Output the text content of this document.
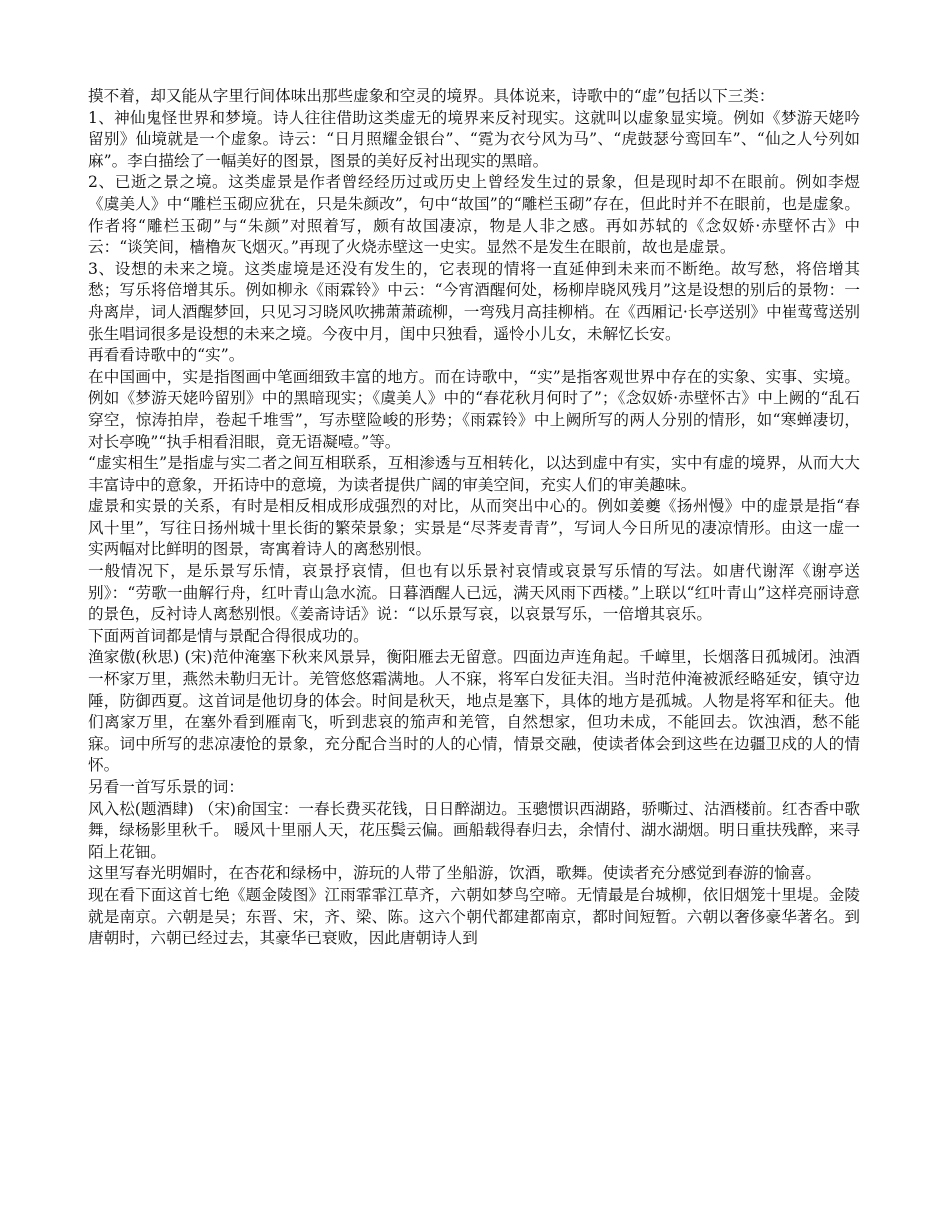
摸不着，却又能从字里行间体味出那些虚象和空灵的境界。具体说来，诗歌中的“虚”包括以下三类：

1、神仙鬼怪世界和梦境。诗人往往借助这类虚无的境界来反衬现实。这就叫以虚象显实境。例如《梦游天姥吟留别》仙境就是一个虚象。诗云：“日月照耀金银台”、“霓为衣兮风为马”、“虎鼓瑟兮鸾回车”、“仙之人兮列如麻”。李白描绘了一幅美好的图景，图景的美好反衬出现实的黑暗。

2、已逝之景之境。这类虚景是作者曾经经历过或历史上曾经发生过的景象，但是现时却不在眼前。例如李煜《虞美人》中“雕栏玉砌应犹在，只是朱颜改”，句中“故国”的“雕栏玉砌”存在，但此时并不在眼前，也是虚象。作者将“雕栏玉砌”与“朱颜”对照着写，颇有故国凄凉，物是人非之感。再如苏轼的《念奴娇·赤壁怀古》中云：“谈笑间，樯橹灰飞烟灭。”再现了火烧赤壁这一史实。显然不是发生在眼前，故也是虚景。

3、设想的未来之境。这类虚境是还没有发生的，它表现的情将一直延伸到未来而不断绝。故写愁，将倍增其愁；写乐将倍增其乐。例如柳永《雨霖铃》中云：“今宵酒醒何处，杨柳岸晓风残月”这是设想的别后的景物：一舟离岸，词人酒醒梦回，只见习习晓风吹拂萧萧疏柳，一弯残月高挂柳梢。在《西厢记·长亭送别》中崔莺莺送别张生唱词很多是设想的未来之境。今夜中月，闺中只独看，遥怜小儿女，未解忆长安。

再看看诗歌中的“实”。

在中国画中，实是指图画中笔画细致丰富的地方。而在诗歌中，“实”是指客观世界中存在的实象、实事、实境。例如《梦游天姥吟留别》中的黑暗现实；《虞美人》中的“春花秋月何时了”；《念奴娇·赤壁怀古》中上阙的“乱石穿空，惊涛拍岸，卷起千堆雪”，写赤壁险峻的形势；《雨霖铃》中上阙所写的两人分别的情形，如“寒蝉凄切，对长亭晚”“执手相看泪眼，竟无语凝噎。”等。

“虚实相生”是指虚与实二者之间互相联系，互相渗透与互相转化，以达到虚中有实，实中有虚的境界，从而大大丰富诗中的意象，开拓诗中的意境，为读者提供广阔的审美空间，充实人们的审美趣味。

虚景和实景的关系，有时是相反相成形成强烈的对比，从而突出中心的。例如姜夔《扬州慢》中的虚景是指“春风十里”，写往日扬州城十里长街的繁荣景象；实景是“尽荠麦青青”，写词人今日所见的凄凉情形。由这一虚一实两幅对比鲜明的图景，寄寓着诗人的离愁别恨。

一般情况下，是乐景写乐情，哀景抒哀情，但也有以乐景衬哀情或哀景写乐情的写法。如唐代谢浑《谢亭送别》：“劳歌一曲解行舟，红叶青山急水流。日暮酒醒人已远，满天风雨下西楼。”上联以“红叶青山”这样亮丽诗意的景色，反衬诗人离愁别恨。《姜斋诗话》说：“以乐景写哀，以哀景写乐，一倍增其哀乐。

下面两首词都是情与景配合得很成功的。

渔家傲(秋思) (宋)范仲淹塞下秋来风景异，衡阳雁去无留意。四面边声连角起。千嶂里，长烟落日孤城闭。浊酒一杯家万里，燕然未勒归无计。羌管悠悠霜满地。人不寐，将军白发征夫泪。当时范仲淹被派经略延安，镇守边陲，防御西夏。这首词是他切身的体会。时间是秋天，地点是塞下，具体的地方是孤城。人物是将军和征夫。他们离家万里，在塞外看到雁南飞，听到悲哀的笳声和羌管，自然想家，但功未成，不能回去。饮浊酒，愁不能寐。词中所写的悲凉凄怆的景象，充分配合当时的人的心情，情景交融，使读者体会到这些在边疆卫戍的人的情怀。

另看一首写乐景的词：

风入松(题酒肆) （宋)俞国宝：一春长费买花钱，日日醉湖边。玉骢惯识西湖路，骄嘶过、沽酒楼前。红杏香中歌舞，绿杨影里秋千。 暖风十里丽人天，花压鬓云偏。画船载得春归去，余情付、湖水湖烟。明日重扶残醉，来寻陌上花钿。

这里写春光明媚时，在杏花和绿杨中，游玩的人带了坐船游，饮酒，歌舞。使读者充分感觉到春游的愉喜。

现在看下面这首七绝《题金陵图》江雨霏霏江草齐，六朝如梦鸟空啼。无情最是台城柳，依旧烟笼十里堤。金陵就是南京。六朝是吴；东晋、宋，齐、梁、陈。这六个朝代都建都南京，都时间短暂。六朝以奢侈豪华著名。到唐朝时，六朝已经过去，其豪华已衰败，因此唐朝诗人到
